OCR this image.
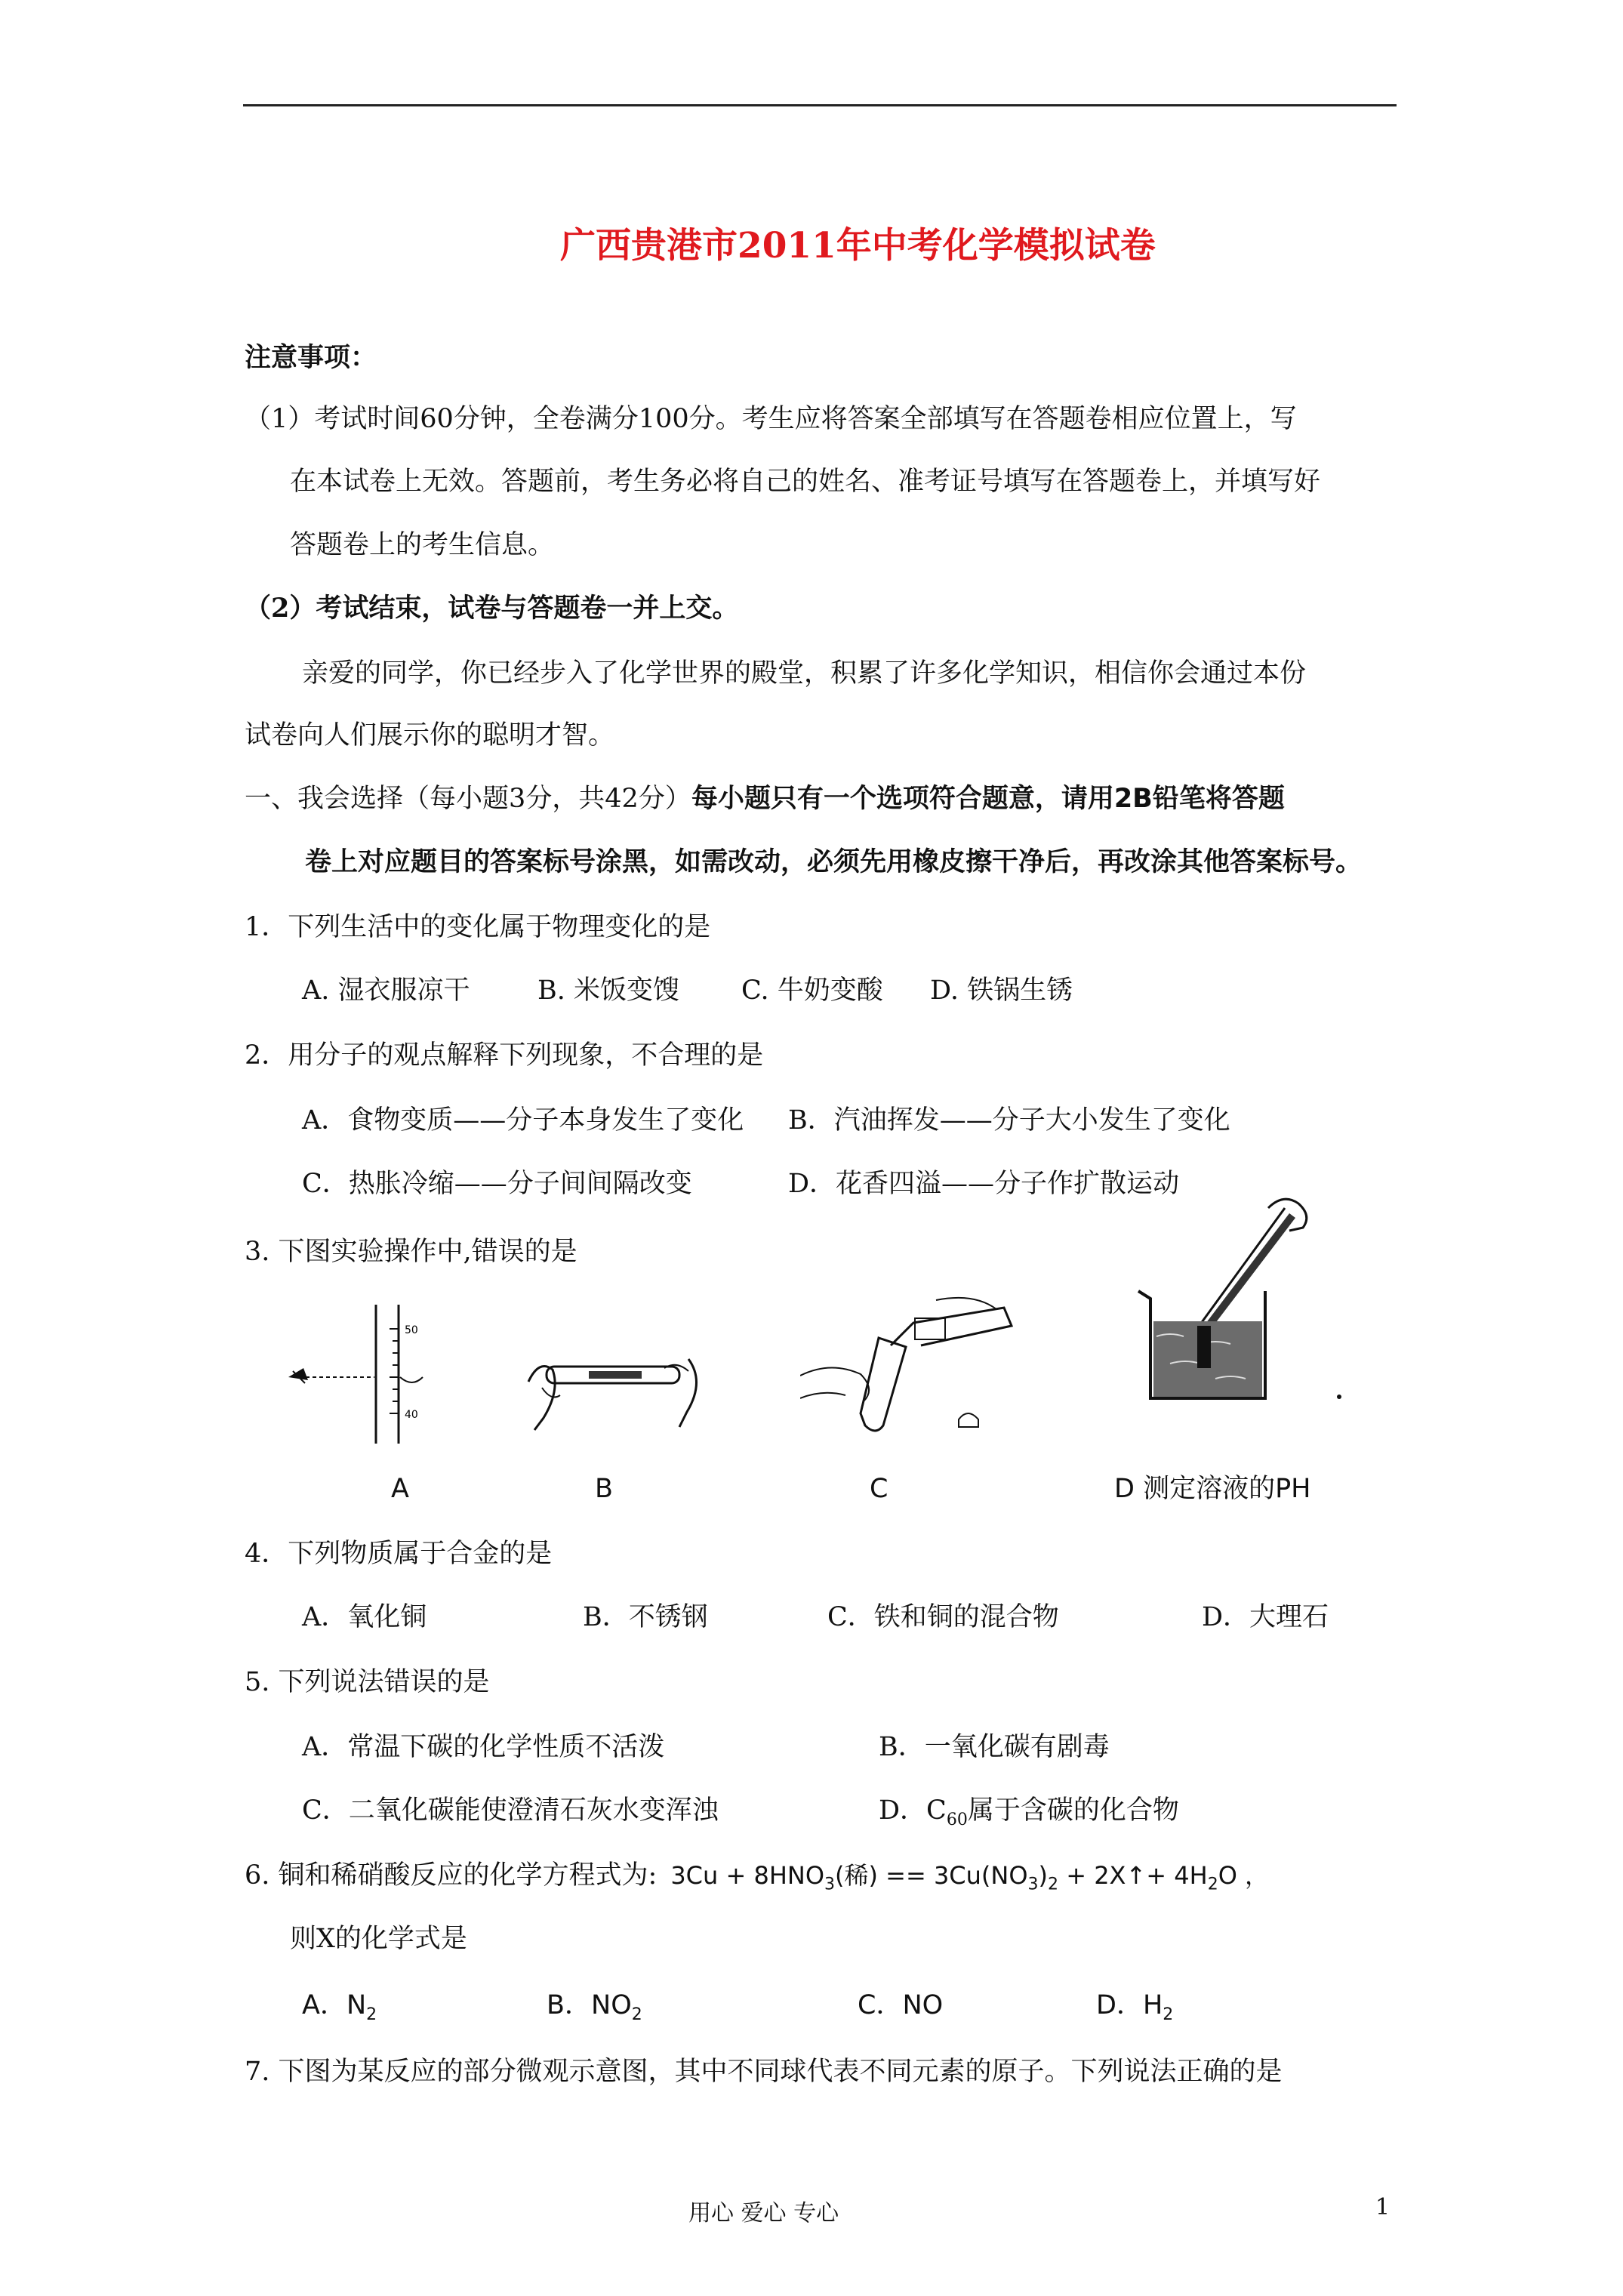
广西贵港市2011年中考化学模拟试卷
注意事项：
（1）考试时间60分钟，全卷满分100分。考生应将答案全部填写在答题卷相应位置上，写
在本试卷上无效。答题前，考生务必将自己的姓名、准考证号填写在答题卷上，并填写好
答题卷上的考生信息。
（2）考试结束，试卷与答题卷一并上交。
亲爱的同学，你已经步入了化学世界的殿堂，积累了许多化学知识，相信你会通过本份
试卷向人们展示你的聪明才智。
一、我会选择（每小题3分，共42分）每小题只有一个选项符合题意，请用2B铅笔将答题
卷上对应题目的答案标号涂黑，如需改动，必须先用橡皮擦干净后，再改涂其他答案标号。
1．下列生活中的变化属于物理变化的是
A. 湿衣服凉干	B. 米饭变馊 C. 牛奶变酸 D. 铁锅生锈
2．用分子的观点解释下列现象，不合理的是
A．食物变质——分子本身发生了变化 B．汽油挥发——分子大小发生了变化
C．热胀冷缩——分子间间隔改变	D．花香四溢——分子作扩散运动
3. 下图实验操作中,错误的是
50
40
A	B	C	D 测定溶液的PH
4．下列物质属于合金的是
A．氧化铜	B．不锈钢	C．铁和铜的混合物	D．大理石
5. 下列说法错误的是
A．常温下碳的化学性质不活泼	B．一氧化碳有剧毒
C．二氧化碳能使澄清石灰水变浑浊	D．$C_{60}$属于含碳的化合物
6. 铜和稀硝酸反应的化学方程式为: $3Cu + 8HNO_3$(稀) == $3Cu(NO_3)_2$ + 2X↑+ $4H_2O$ ，
则X的化学式是
A．$N_2$	B．$NO_2$	C．NO	D．$H_2$
7. 下图为某反应的部分微观示意图，其中不同球代表不同元素的原子。下列说法正确的是
用心 爱心 专心	1
